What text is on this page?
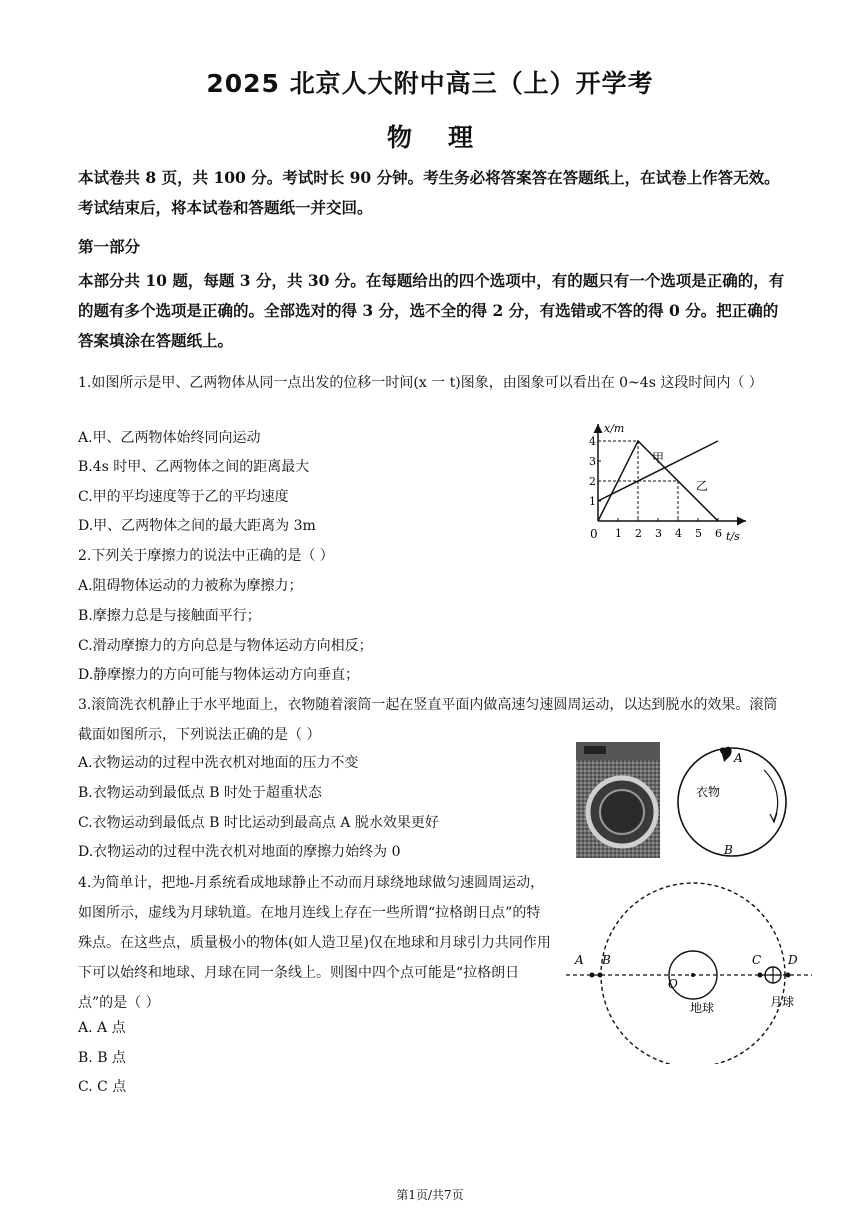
2025 北京人大附中高三（上）开学考
物理
本试卷共 8 页，共 100 分。考试时长 90 分钟。考生务必将答案答在答题纸上，在试卷上作答无效。考试结束后，将本试卷和答题纸一并交回。
第一部分
本部分共 10 题，每题 3 分，共 30 分。在每题给出的四个选项中，有的题只有一个选项是正确的，有的题有多个选项是正确的。全部选对的得 3 分，选不全的得 2 分，有选错或不答的得 0 分。把正确的答案填涂在答题纸上。
1.如图所示是甲、乙两物体从同一点出发的位移一时间(x 一 t)图象，由图象可以看出在 0~4s 这段时间内（ ）
A.甲、乙两物体始终同向运动
B.4s 时甲、乙两物体之间的距离最大
C.甲的平均速度等于乙的平均速度
D.甲、乙两物体之间的最大距离为 3m
2.下列关于摩擦力的说法中正确的是（ ）
A.阻碍物体运动的力被称为摩擦力；
B.摩擦力总是与接触面平行；
C.滑动摩擦力的方向总是与物体运动方向相反；
D.静摩擦力的方向可能与物体运动方向垂直；
3.滚筒洗衣机静止于水平地面上，衣物随着滚筒一起在竖直平面内做高速匀速圆周运动，以达到脱水的效果。滚筒截面如图所示，下列说法正确的是（ ）
A.衣物运动的过程中洗衣机对地面的压力不变
B.衣物运动到最低点 B 时处于超重状态
C.衣物运动到最低点 B 时比运动到最高点 A 脱水效果更好
D.衣物运动的过程中洗衣机对地面的摩擦力始终为 0
4.为简单计，把地-月系统看成地球静止不动而月球绕地球做匀速圆周运动，如图所示，虚线为月球轨道。在地月连线上存在一些所谓“拉格朗日点”的特殊点。在这些点，质量极小的物体(如人造卫星)仅在地球和月球引力共同作用下可以始终和地球、月球在同一条线上。则图中四个点可能是“拉格朗日点”的是（ ）
A. A 点
B. B 点
C. C 点
x/m
t/s
0
1
2
3
4
1 2 3 4 5 6
甲
乙
A
衣物
B
A B	C D
O
地球	月球
第1页/共7页
